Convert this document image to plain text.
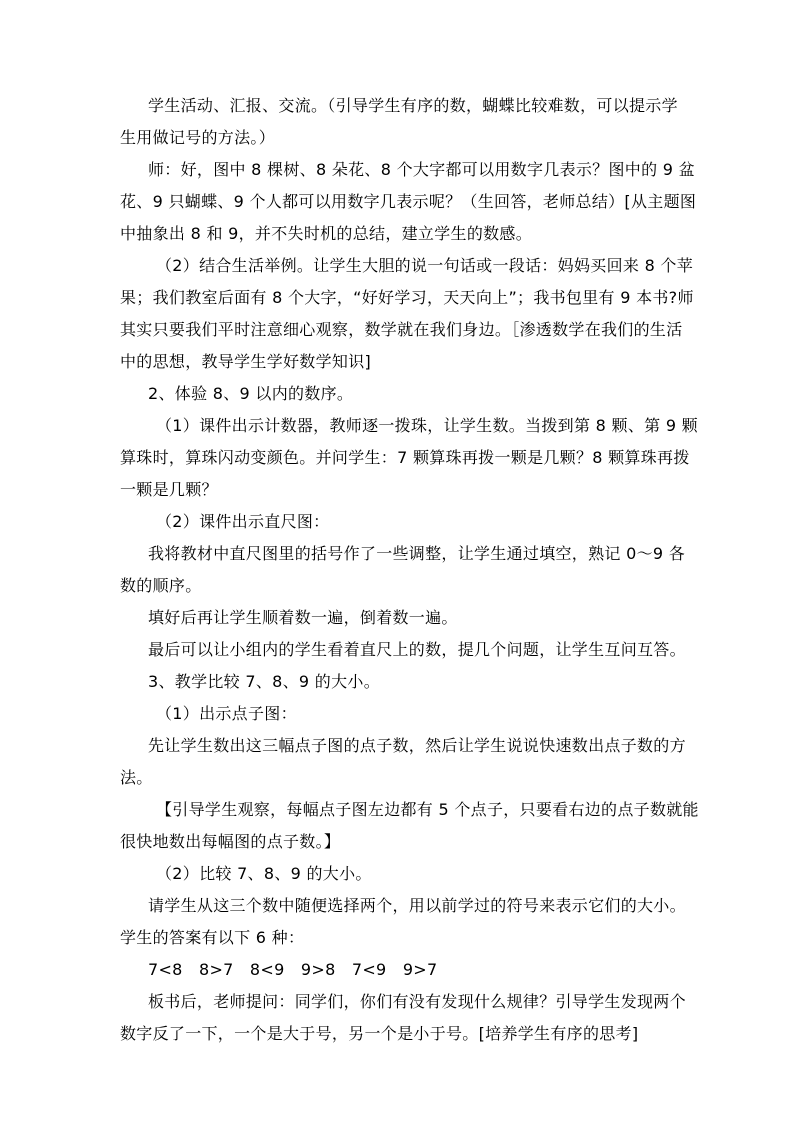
学生活动、汇报、交流。（引导学生有序的数，蝴蝶比较难数，可以提示学
生用做记号的方法。）
师：好，图中 8 棵树、8 朵花、8 个大字都可以用数字几表示？图中的 9 盆
花、9 只蝴蝶、9 个人都可以用数字几表示呢？（生回答，老师总结）[从主题图
中抽象出 8 和 9，并不失时机的总结，建立学生的数感。
（2）结合生活举例。让学生大胆的说一句话或一段话：妈妈买回来 8 个苹
果；我们教室后面有 8 个大字，“好好学习，天天向上”；我书包里有 9 本书?师
其实只要我们平时注意细心观察，数学就在我们身边。［渗透数学在我们的生活
中的思想，教导学生学好数学知识]
2、体验 8、9 以内的数序。
（1）课件出示计数器，教师逐一拨珠，让学生数。当拨到第 8 颗、第 9 颗
算珠时，算珠闪动变颜色。并问学生：7 颗算珠再拨一颗是几颗？8 颗算珠再拨
一颗是几颗？
（2）课件出示直尺图：
我将教材中直尺图里的括号作了一些调整，让学生通过填空，熟记 0～9 各
数的顺序。
填好后再让学生顺着数一遍，倒着数一遍。
最后可以让小组内的学生看着直尺上的数，提几个问题，让学生互问互答。
3、教学比较 7、8、9 的大小。
（1）出示点子图：
先让学生数出这三幅点子图的点子数，然后让学生说说快速数出点子数的方
法。
【引导学生观察，每幅点子图左边都有 5 个点子，只要看右边的点子数就能
很快地数出每幅图的点子数。】
（2）比较 7、8、9 的大小。
请学生从这三个数中随便选择两个，用以前学过的符号来表示它们的大小。
学生的答案有以下 6 种：
7<8　8>7　8<9　9>8　7<9　9>7
板书后，老师提问：同学们，你们有没有发现什么规律？引导学生发现两个
数字反了一下，一个是大于号，另一个是小于号。[培养学生有序的思考]
